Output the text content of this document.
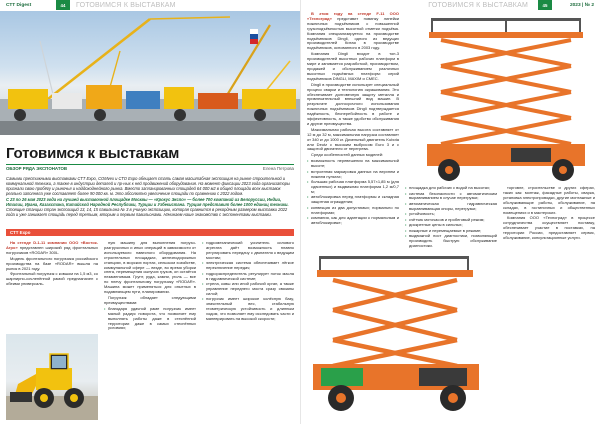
СТТ Digest	44	ГОТОВИМСЯ К ВЫСТАВКАМ
Готовимся к выставкам
ОБЗОР РЯДА ЭКСПОНАТОВ	Елена Петрова

Самыми престижными выставками СТТ Expo, COMvex и СТО Expo обещает стать самая масштабная экспозиция на рынке строительной и коммунальной техники, а также в индустрии деталей и пр-ных к ней продвижений оборудования. На момент фиксации 2023 года организаторы признали свою пробёгу и рыночья и наддоходнейного рынка. Вместо запланированных площадей 64 000 м2 в общей площади всех выставок реально заполняла уже составляет более 90 000 кв. м. Это абсолютно увеличение площади по сравнению с 2022 годом.

С 23 по 26 мая 2023 года на лучшей выставочной площадке Москвы — «Крокус Экспо» — более 700 компаний из Белоруссии, Индии, Италии, Ирана, Казахстана, Китайской Народной Республики, Турции и Узбекистана. Турция представит более 1000 единиц техники.

Стоящие станции стран экспозиций 13, 14, 15 павильона № 3 в учиную экспозицию, которая сравнится в рекордным размером выставки 2022 года и уже занимает площадь перед третьим, вторым и первым павильонами. Начинаем наше знакомство с экспонентами выставки.

СТТ Expo

На стенде D-1-11 компании ООО «Восток-Агро» представлен широкий ряд фронтальных погрузчиков «RODAR» 300L.

Модель фронтального погрузчика российского производства на базе «RODAR» вышла на рынок в 2021 году.

Фронтальный погрузчик с ковшом на 1,5 м3, со шарнирно-сочленённой рамой предназначен с обеими универсаль-

ную машину для выполнения погрузо-разгрузочных и иных операций в зависимости от используемого навесного оборудования. На строительных площадках, железнодорожных станциях, в морских портах, сельском хозяйстве, коммунальной сфере — везде, во время уборки снега, перемещения сыпучих грузов, он остаётся незаменимым. Грунт, руда, камни, уголь — все по плечу фронтальному погрузчику «RODAR». Машина может применяться для опытных в подавляющем пути, планировании.

Погрузчик обладает следующими преимуществами:

• благодаря удачной раме погрузчик имеет малый радиус поворота, что позволяет ему выполнять работы даже в стеснённой территории даже в самых стеснённых условиях;
• гидромеханический усилитель силового агрегата даёт возможность плавно регулировать передачу с двигателя к ведущим мостам;
• электрическая система обеспечивает лёгкое переключение передач;
• гидрораспределитель регулирует поток масла в гидравлической системе;
• стрела, ковш или иной рабочий орган, а также управление переднего моста сразу связаны силой;
• погрузчик имеет широкое колёсную базу, значительный вес, стабильную геометрическую устойчивость и длинным ходом, что позволяет ему исследовать части и маневрировать на высокой скорости;
ГОТОВИМСЯ К ВЫСТАВКАМ	45	2023 | № 2

В этом году на стенде F-11 ООО «Техноград» представит новинку линейки ножничных подъёмников с повышенной грузоподъёмностью высотной отметки подъёма. Компания специализируется на производстве подъёмников Dingli, одного из ведущих производителей Китая в производстве подъёмников, основанного в 2003 году.

Компания Dingli входит в топ-3 производителей высотных рабочих платформ в мире и занимается разработкой, производством, продажей и обслуживанием различных высотных подъёмных платформ: серий подъёмников DINGLI, MAXIM и CMEC.

Dingli в производстве использует специальный процесс сварки и технологию окрашивания. Это обеспечивает долговечную защиту металла и привлекательный внешний вид машин. В результате долгосрочного использования ножничных подъёмников Dingli подтверждается надёжность, бесперебойность в работе и эффективность, а также удобство обслуживания и другие преимущества.

Максимальная рабочая высота составляет от 12 м до 32 м, максимальная нагрузка составляет от 340 кг до 1000 кг. Дизельный двигатель Kubota или Deutz с высоким выбросом Euro 3 и с защитой двигателя от перегрева.

Среди особенностей данных моделей:

• возможность перевешения на максимальной высоте;
• встроенная маркировка данных на верхнем и нижнем пультах;
• большая рабочая платформа 5,57×1,85 м (для сдвоенных) и выдвижная платформа 1,2 м/0,7 м;
• автоблокировка перед платформы и складная защитная ограждения;
• конвекция из два допустимых; нормально по платформах;
• компания, как для адаптации к нормальным и автоблокировке;
• площадка для рабочих с водой на высотах;
• система безопасности с автоматическим выравниванием в случае перегрузки;
• автоматическая гидравлическая выравнивающая опоры, перегрузки;
• устойчивость;
• счётчик моточасов и пробеговый режим;
• дискретные цены в сильных;
• пожарные и перемещаемые в режиме;
• выдвижной пост диагностики, позволяющий производить быструю обслуживание диагностики.

торговле, строительстве и других сферах, таких как: монтаж, фасадные работы, сварка, установка электропроводки, другие монтажные и обслуживающие работы, обслуживание, на складах, в гостиничных и общественных помещениях и в мастерских.

Компания ООО «Техноград» в процессе сотрудничества осуществляет поставку, обеспечивает участие в поставках, на территории России, предоставляет сервис, обслуживание, консультационные услуги.
